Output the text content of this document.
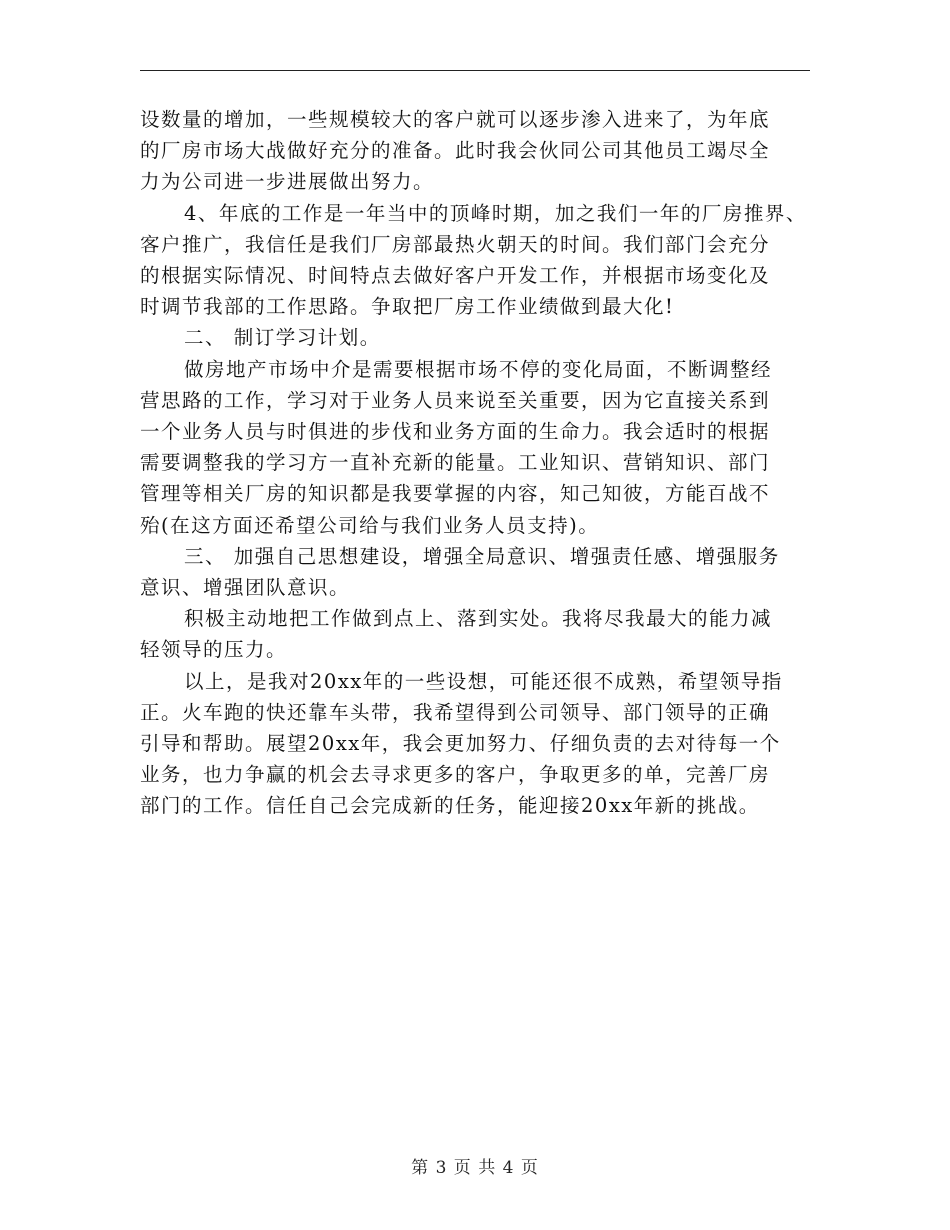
设数量的增加，一些规模较大的客户就可以逐步渗入进来了，为年底
的厂房市场大战做好充分的准备。此时我会伙同公司其他员工竭尽全
力为公司进一步进展做出努力。
4、年底的工作是一年当中的顶峰时期，加之我们一年的厂房推界、
客户推广，我信任是我们厂房部最热火朝天的时间。我们部门会充分
的根据实际情况、时间特点去做好客户开发工作，并根据市场变化及
时调节我部的工作思路。争取把厂房工作业绩做到最大化!
二、 制订学习计划。
做房地产市场中介是需要根据市场不停的变化局面，不断调整经
营思路的工作，学习对于业务人员来说至关重要，因为它直接关系到
一个业务人员与时俱进的步伐和业务方面的生命力。我会适时的根据
需要调整我的学习方一直补充新的能量。工业知识、营销知识、部门
管理等相关厂房的知识都是我要掌握的内容，知己知彼，方能百战不
殆(在这方面还希望公司给与我们业务人员支持)。
三、 加强自己思想建设，增强全局意识、增强责任感、增强服务
意识、增强团队意识。
积极主动地把工作做到点上、落到实处。我将尽我最大的能力减
轻领导的压力。
以上，是我对20xx年的一些设想，可能还很不成熟，希望领导指
正。火车跑的快还靠车头带，我希望得到公司领导、部门领导的正确
引导和帮助。展望20xx年，我会更加努力、仔细负责的去对待每一个
业务，也力争赢的机会去寻求更多的客户，争取更多的单，完善厂房
部门的工作。信任自己会完成新的任务，能迎接20xx年新的挑战。
第 3 页 共 4 页
